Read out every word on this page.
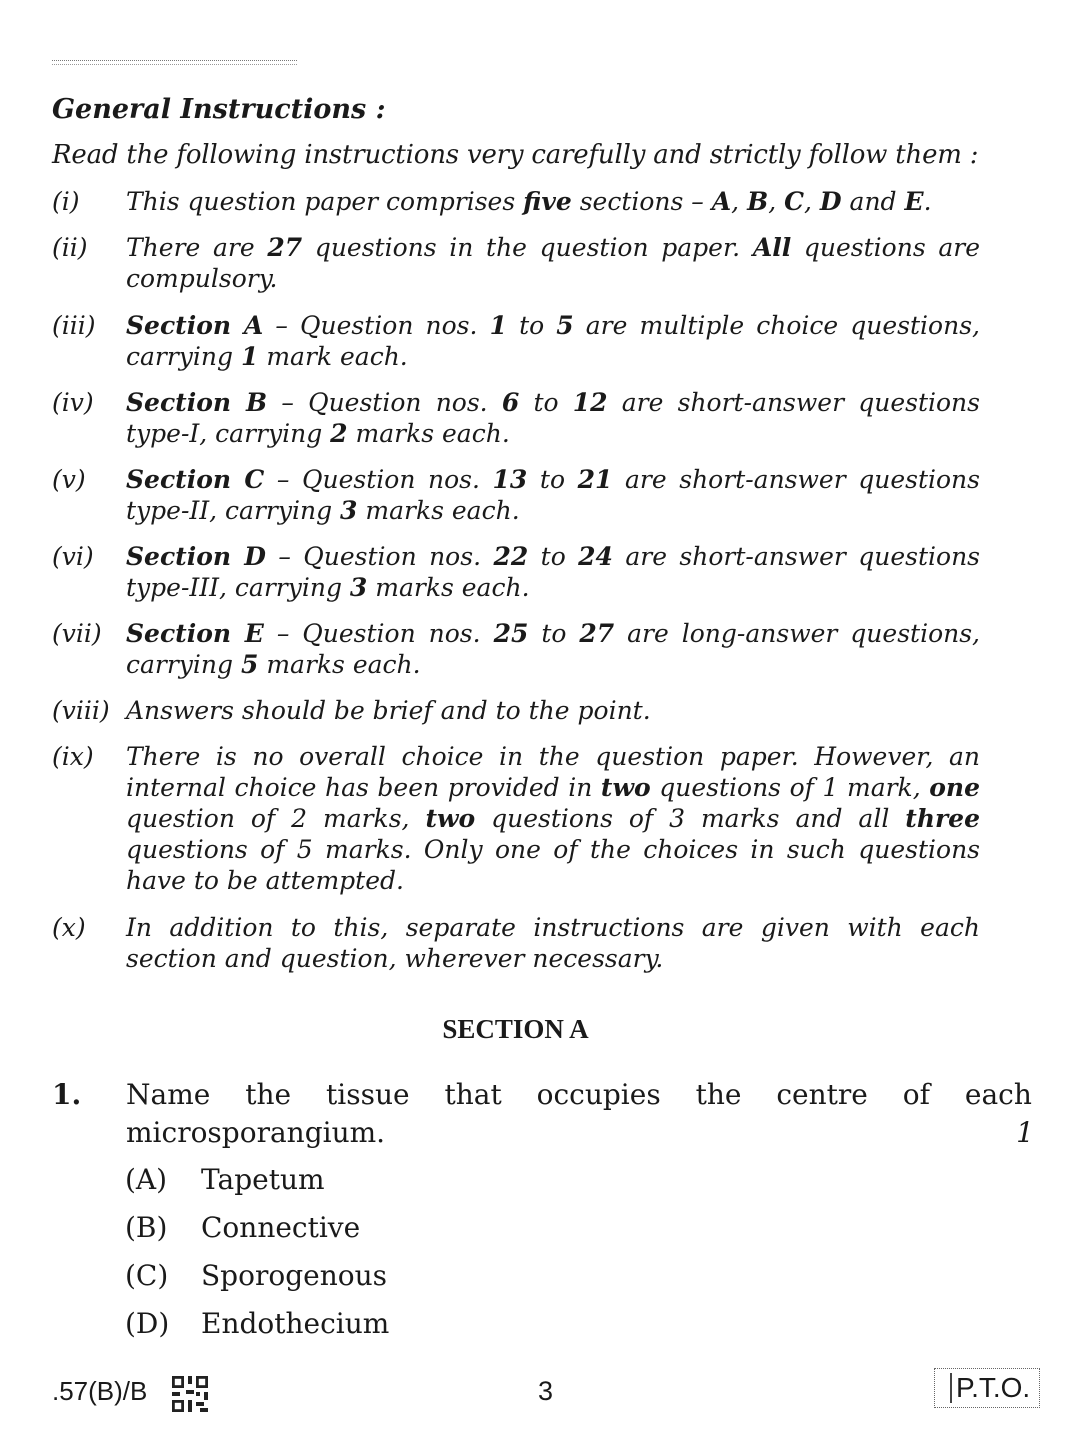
General Instructions :
Read the following instructions very carefully and strictly follow them :
(i) This question paper comprises five sections – A, B, C, D and E.
(ii) There are 27 questions in the question paper. All questions are compulsory.
(iii) Section A – Question nos. 1 to 5 are multiple choice questions, carrying 1 mark each.
(iv) Section B – Question nos. 6 to 12 are short-answer questions type-I, carrying 2 marks each.
(v) Section C – Question nos. 13 to 21 are short-answer questions type-II, carrying 3 marks each.
(vi) Section D – Question nos. 22 to 24 are short-answer questions type-III, carrying 3 marks each.
(vii) Section E – Question nos. 25 to 27 are long-answer questions, carrying 5 marks each.
(viii) Answers should be brief and to the point.
(ix) There is no overall choice in the question paper. However, an internal choice has been provided in two questions of 1 mark, one question of 2 marks, two questions of 3 marks and all three questions of 5 marks. Only one of the choices in such questions have to be attempted.
(x) In addition to this, separate instructions are given with each section and question, wherever necessary.
SECTION A
1. Name the tissue that occupies the centre of each
microsporangium.	1
(A) Tapetum
(B) Connective
(C) Sporogenous
(D) Endothecium
.57(B)/B	3	P.T.O.
